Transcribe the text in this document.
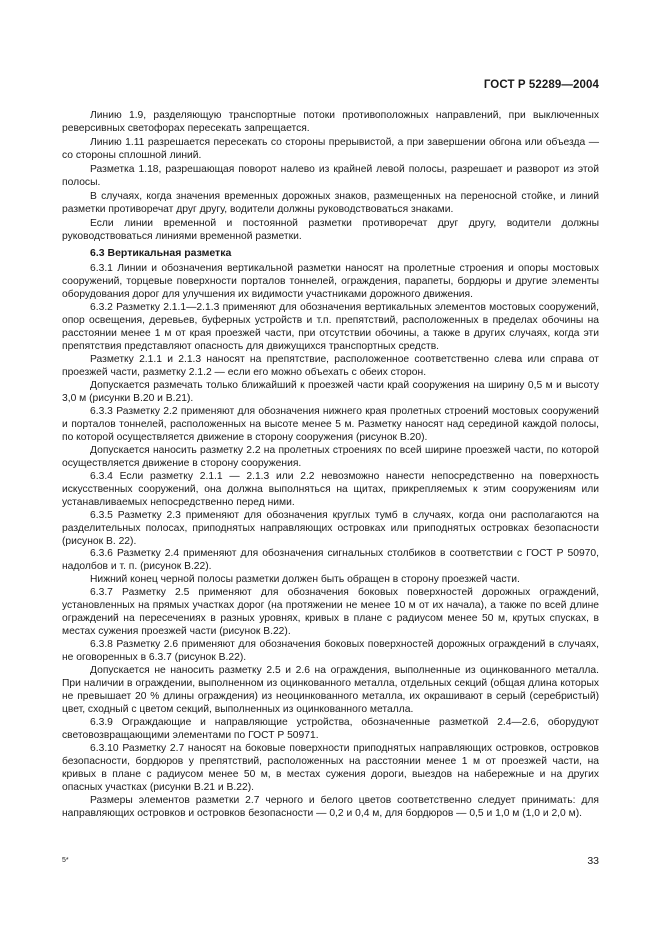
ГОСТ Р 52289—2004

Линию 1.9, разделяющую транспортные потоки противоположных направлений, при выключенных реверсивных светофорах пересекать запрещается.

Линию 1.11 разрешается пересекать со стороны прерывистой, а при завершении обгона или объезда — со стороны сплошной линий.

Разметка 1.18, разрешающая поворот налево из крайней левой полосы, разрешает и разворот из этой полосы.

В случаях, когда значения временных дорожных знаков, размещенных на переносной стойке, и линий разметки противоречат друг другу, водители должны руководствоваться знаками.

Если линии временной и постоянной разметки противоречат друг другу, водители должны руководствоваться линиями временной разметки.

6.3 Вертикальная разметка

6.3.1 Линии и обозначения вертикальной разметки наносят на пролетные строения и опоры мостовых сооружений, торцевые поверхности порталов тоннелей, ограждения, парапеты, бордюры и другие элементы оборудования дорог для улучшения их видимости участниками дорожного движения.

6.3.2 Разметку 2.1.1—2.1.3 применяют для обозначения вертикальных элементов мостовых сооружений, опор освещения, деревьев, буферных устройств и т.п. препятствий, расположенных в пределах обочины на расстоянии менее 1 м от края проезжей части, при отсутствии обочины, а также в других случаях, когда эти препятствия представляют опасность для движущихся транспортных средств.

Разметку 2.1.1 и 2.1.3 наносят на препятствие, расположенное соответственно слева или справа от проезжей части, разметку 2.1.2 — если его можно объехать с обеих сторон.

Допускается размечать только ближайший к проезжей части край сооружения на ширину 0,5 м и высоту 3,0 м (рисунки В.20 и В.21).

6.3.3 Разметку 2.2 применяют для обозначения нижнего края пролетных строений мостовых сооружений и порталов тоннелей, расположенных на высоте менее 5 м. Разметку наносят над серединой каждой полосы, по которой осуществляется движение в сторону сооружения (рисунок В.20).

Допускается наносить разметку 2.2 на пролетных строениях по всей ширине проезжей части, по которой осуществляется движение в сторону сооружения.

6.3.4 Если разметку 2.1.1 — 2.1.3 или 2.2 невозможно нанести непосредственно на поверхность искусственных сооружений, она должна выполняться на щитах, прикрепляемых к этим сооружениям или устанавливаемых непосредственно перед ними.

6.3.5 Разметку 2.3 применяют для обозначения круглых тумб в случаях, когда они располагаются на разделительных полосах, приподнятых направляющих островках или приподнятых островках безопасности (рисунок В. 22).

6.3.6 Разметку 2.4 применяют для обозначения сигнальных столбиков в соответствии с ГОСТ Р 50970, надолбов и т. п. (рисунок В.22).

Нижний конец черной полосы разметки должен быть обращен в сторону проезжей части.

6.3.7 Разметку 2.5 применяют для обозначения боковых поверхностей дорожных ограждений, установленных на прямых участках дорог (на протяжении не менее 10 м от их начала), а также по всей длине ограждений на пересечениях в разных уровнях, кривых в плане с радиусом менее 50 м, крутых спусках, в местах сужения проезжей части (рисунок В.22).

6.3.8 Разметку 2.6 применяют для обозначения боковых поверхностей дорожных ограждений в случаях, не оговоренных в 6.3.7 (рисунок В.22).

Допускается не наносить разметку 2.5 и 2.6 на ограждения, выполненные из оцинкованного металла. При наличии в ограждении, выполненном из оцинкованного металла, отдельных секций (общая длина которых не превышает 20 % длины ограждения) из неоцинкованного металла, их окрашивают в серый (серебристый) цвет, сходный с цветом секций, выполненных из оцинкованного металла.

6.3.9 Ограждающие и направляющие устройства, обозначенные разметкой 2.4—2.6, оборудуют световозвращающими элементами по ГОСТ Р 50971.

6.3.10 Разметку 2.7 наносят на боковые поверхности приподнятых направляющих островков, островков безопасности, бордюров у препятствий, расположенных на расстоянии менее 1 м от проезжей части, на кривых в плане с радиусом менее 50 м, в местах сужения дороги, выездов на набережные и на других опасных участках (рисунки В.21 и В.22).

Размеры элементов разметки 2.7 черного и белого цветов соответственно следует принимать: для направляющих островков и островков безопасности — 0,2 и 0,4 м, для бордюров — 0,5 и 1,0 м (1,0 и 2,0 м).

5*	33
